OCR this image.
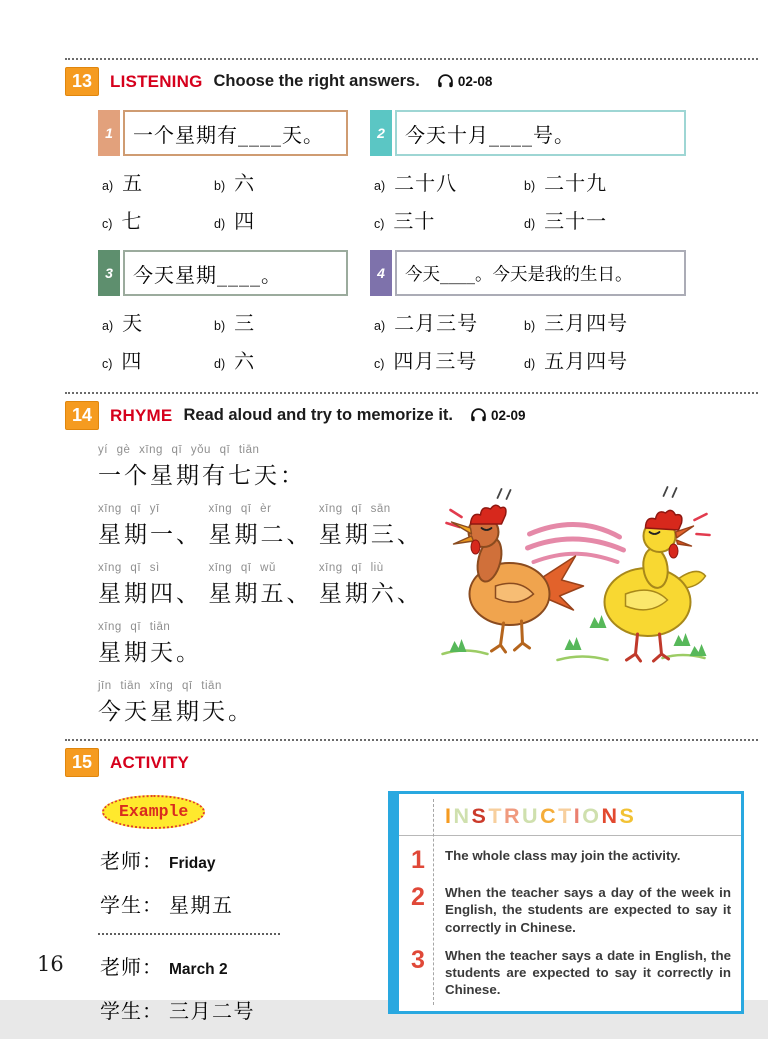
13	LISTENING Choose the right answers.	02-08
1	一个星期有____天。
a) 五	b) 六
c) 七	d) 四
2	今天十月____号。
a) 二十八	b) 二十九
c) 三十	d) 三十一
3	今天星期____。
a) 天	b) 三
c) 四	d) 六
4	今天____。今天是我的生日。
a) 二月三号	b) 三月四号
c) 四月三号	d) 五月四号
14	RHYME Read aloud and try to memorize it.	02-09
yí gè xīng qī yǒu qī tiān
一个星期有七天：
xīng qī yī
星期一、

xīng qī èr
星期二、

xīng qī sān
星期三、
xīng qī sì
星期四、

xīng qī wǔ
星期五、

xīng qī liù
星期六、
xīng qī tiān
星期天。
jīn tiān xīng qī tiān
今天星期天。
15	ACTIVITY
Example
老师： Friday
学生： 星期五
老师： March 2
学生： 三月二号
INSTRUCTIONS
1	The whole class may join the activity.
2	When the teacher says a day of the week in English, the students are expected to say it correctly in Chinese.
3	When the teacher says a date in English, the students are expected to say it correctly in Chinese.
16
